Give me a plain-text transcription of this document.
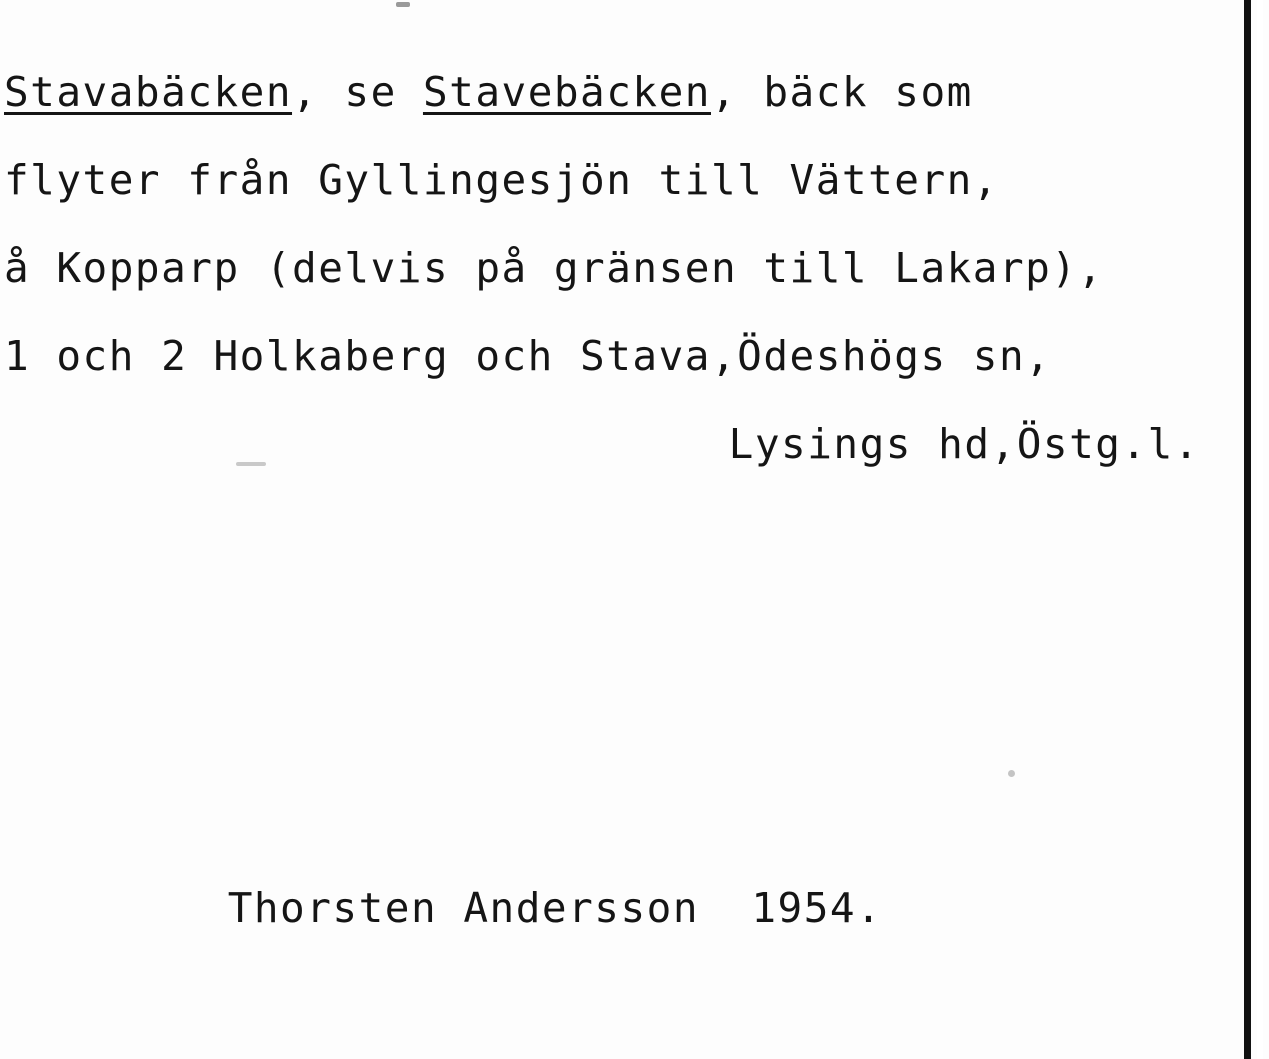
Stavabäcken, se Stavebäcken, bäck som
flyter från Gyllingesjön till Vättern,
å Kopparp (delvis på gränsen till Lakarp),
1 och 2 Holkaberg och Stava,Ödeshögs sn,
Lysings hd,Östg.l.
Thorsten Andersson  1954.
